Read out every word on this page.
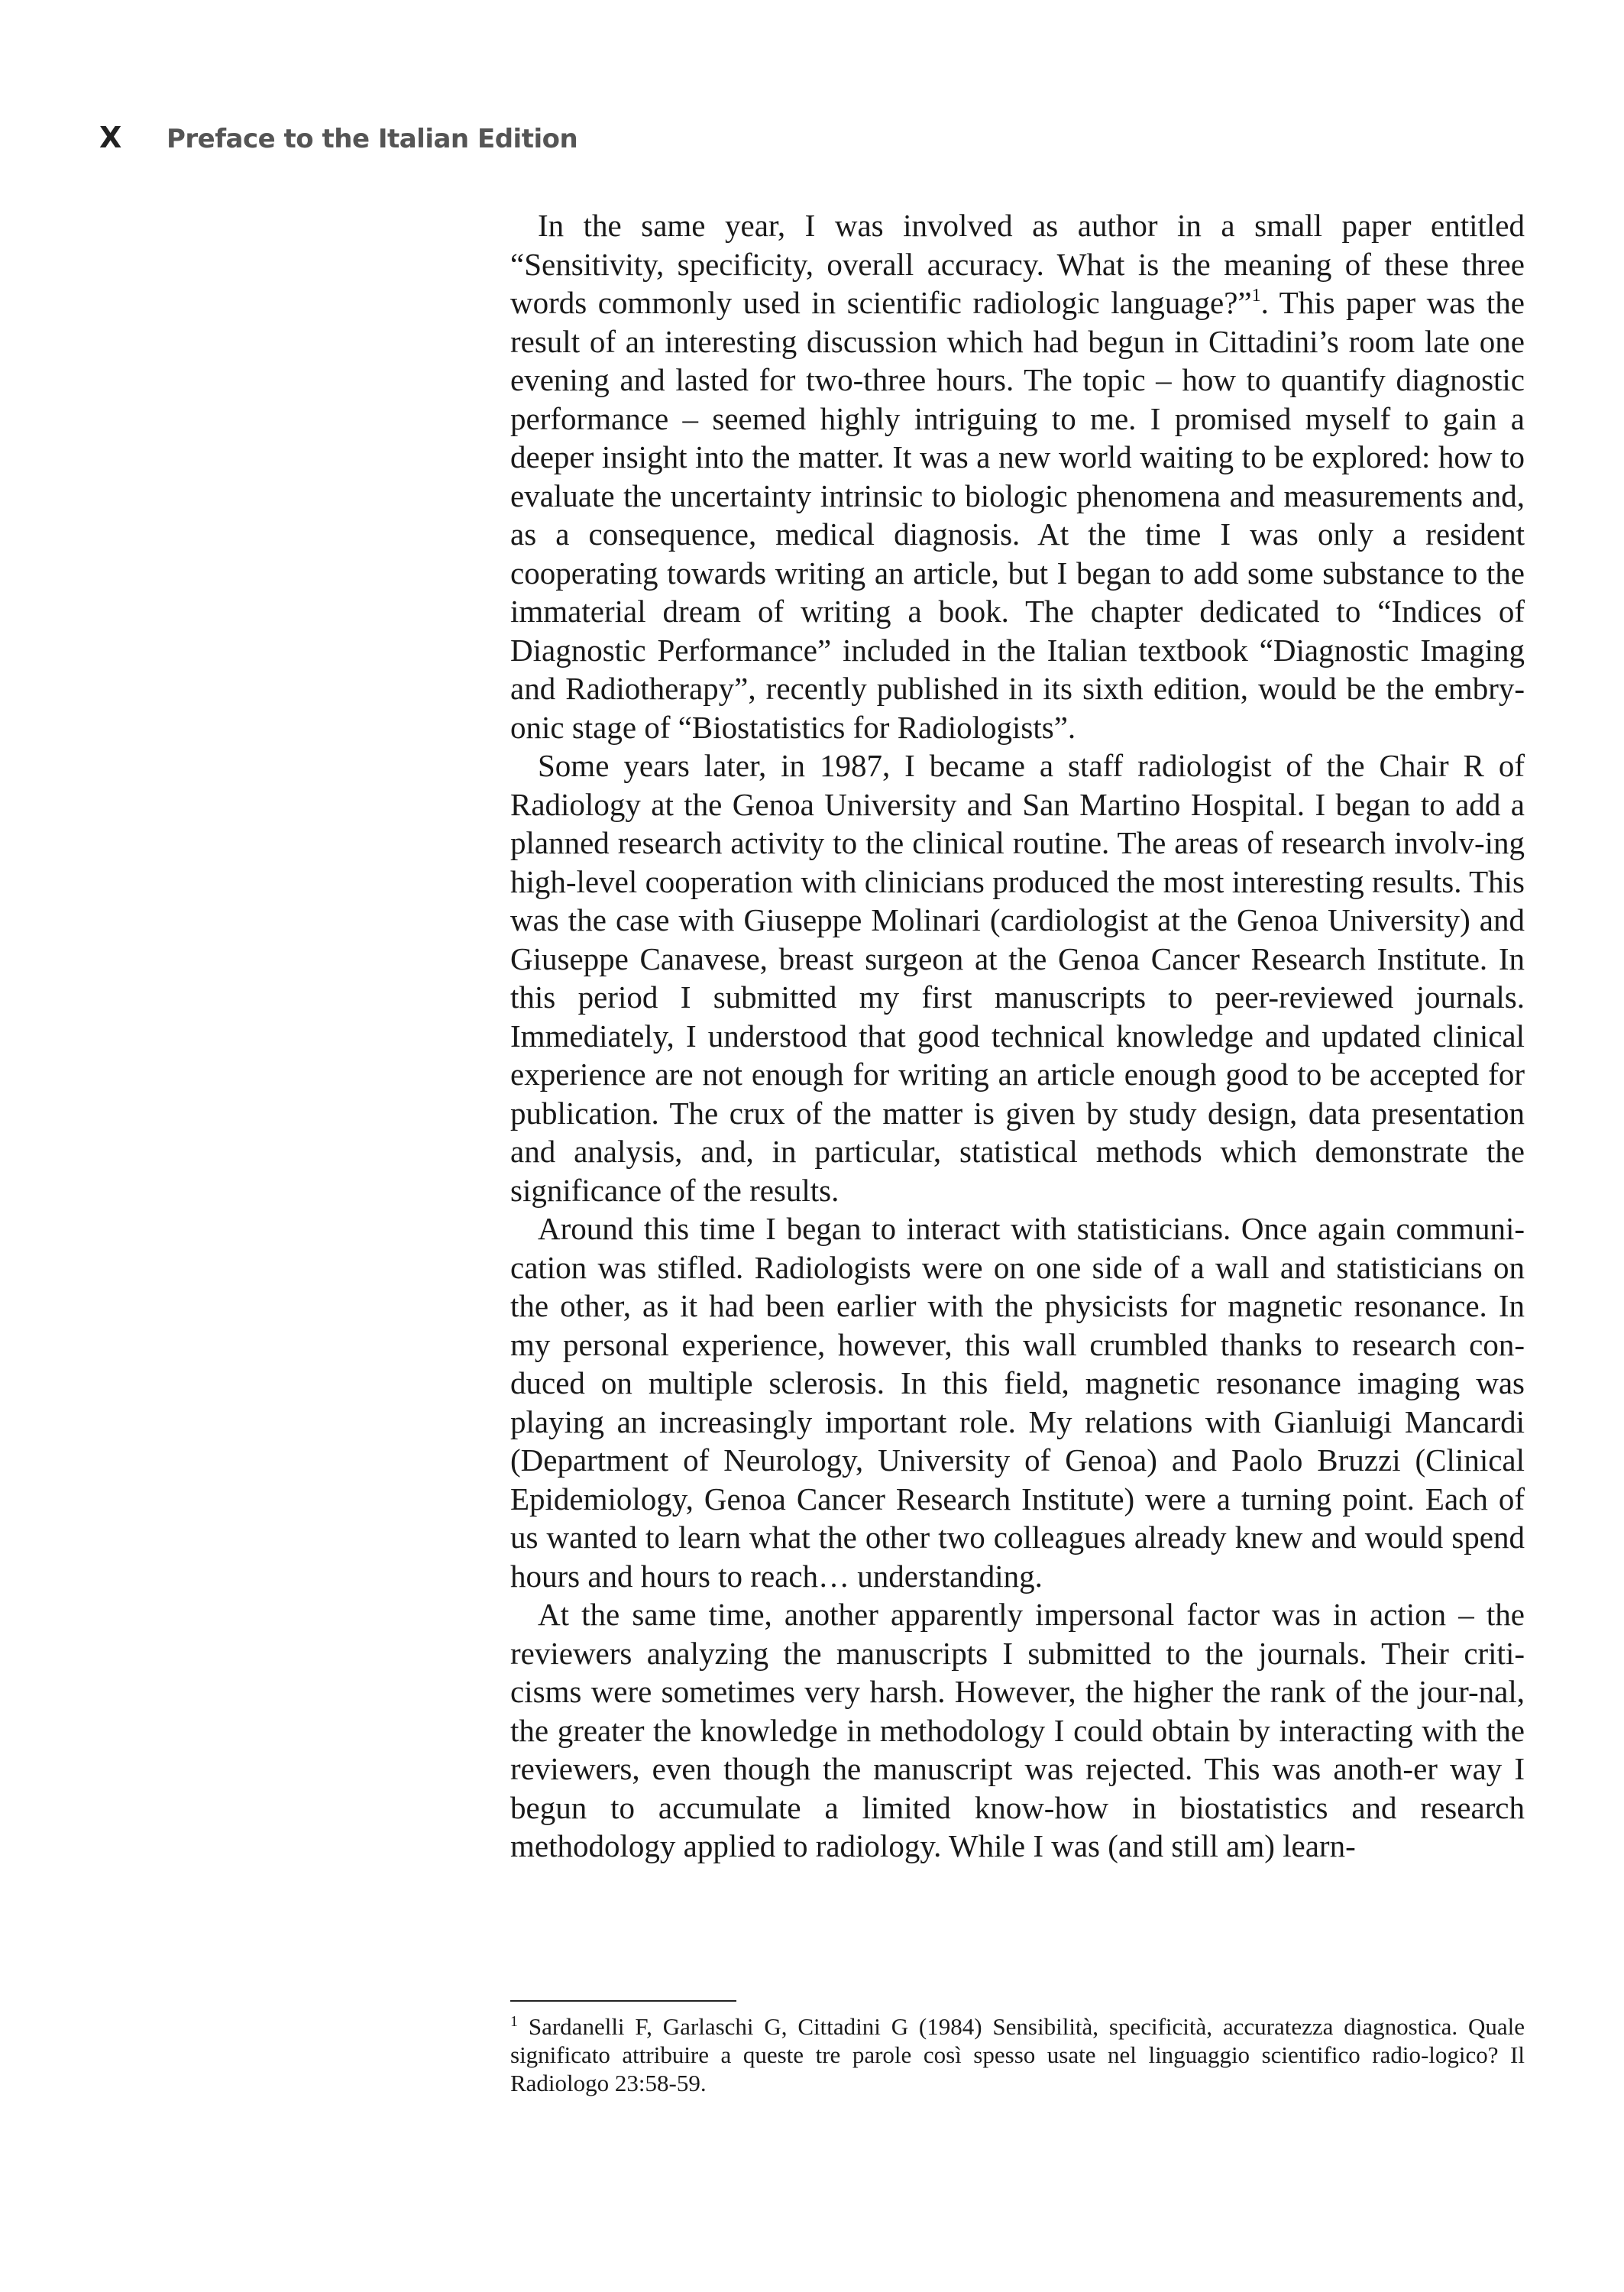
X Preface to the Italian Edition

In the same year, I was involved as author in a small paper entitled “Sensitivity, specificity, overall accuracy. What is the meaning of these three words commonly used in scientific radiologic language?”$^1$. This paper was the result of an interesting discussion which had begun in Cittadini’s room late one evening and lasted for two-three hours. The topic – how to quantify diagnostic performance – seemed highly intriguing to me. I promised myself to gain a deeper insight into the matter. It was a new world waiting to be explored: how to evaluate the uncertainty intrinsic to biologic phenomena and measurements and, as a consequence, medical diagnosis. At the time I was only a resident cooperating towards writing an article, but I began to add some substance to the immaterial dream of writing a book. The chapter dedicated to “Indices of Diagnostic Performance” included in the Italian textbook “Diagnostic Imaging and Radiotherapy”, recently published in its sixth edition, would be the embry-onic stage of “Biostatistics for Radiologists”.

Some years later, in 1987, I became a staff radiologist of the Chair R of Radiology at the Genoa University and San Martino Hospital. I began to add a planned research activity to the clinical routine. The areas of research involv-ing high-level cooperation with clinicians produced the most interesting results. This was the case with Giuseppe Molinari (cardiologist at the Genoa University) and Giuseppe Canavese, breast surgeon at the Genoa Cancer Research Institute. In this period I submitted my first manuscripts to peer-reviewed journals. Immediately, I understood that good technical knowledge and updated clinical experience are not enough for writing an article enough good to be accepted for publication. The crux of the matter is given by study design, data presentation and analysis, and, in particular, statistical methods which demonstrate the significance of the results.

Around this time I began to interact with statisticians. Once again communi-cation was stifled. Radiologists were on one side of a wall and statisticians on the other, as it had been earlier with the physicists for magnetic resonance. In my personal experience, however, this wall crumbled thanks to research con-duced on multiple sclerosis. In this field, magnetic resonance imaging was playing an increasingly important role. My relations with Gianluigi Mancardi (Department of Neurology, University of Genoa) and Paolo Bruzzi (Clinical Epidemiology, Genoa Cancer Research Institute) were a turning point. Each of us wanted to learn what the other two colleagues already knew and would spend hours and hours to reach… understanding.

At the same time, another apparently impersonal factor was in action – the reviewers analyzing the manuscripts I submitted to the journals. Their criti-cisms were sometimes very harsh. However, the higher the rank of the jour-nal, the greater the knowledge in methodology I could obtain by interacting with the reviewers, even though the manuscript was rejected. This was anoth-er way I begun to accumulate a limited know-how in biostatistics and research methodology applied to radiology. While I was (and still am) learn-

$^1$ Sardanelli F, Garlaschi G, Cittadini G (1984) Sensibilità, specificità, accuratezza diagnostica. Quale significato attribuire a queste tre parole così spesso usate nel linguaggio scientifico radio-logico? Il Radiologo 23:58-59.
